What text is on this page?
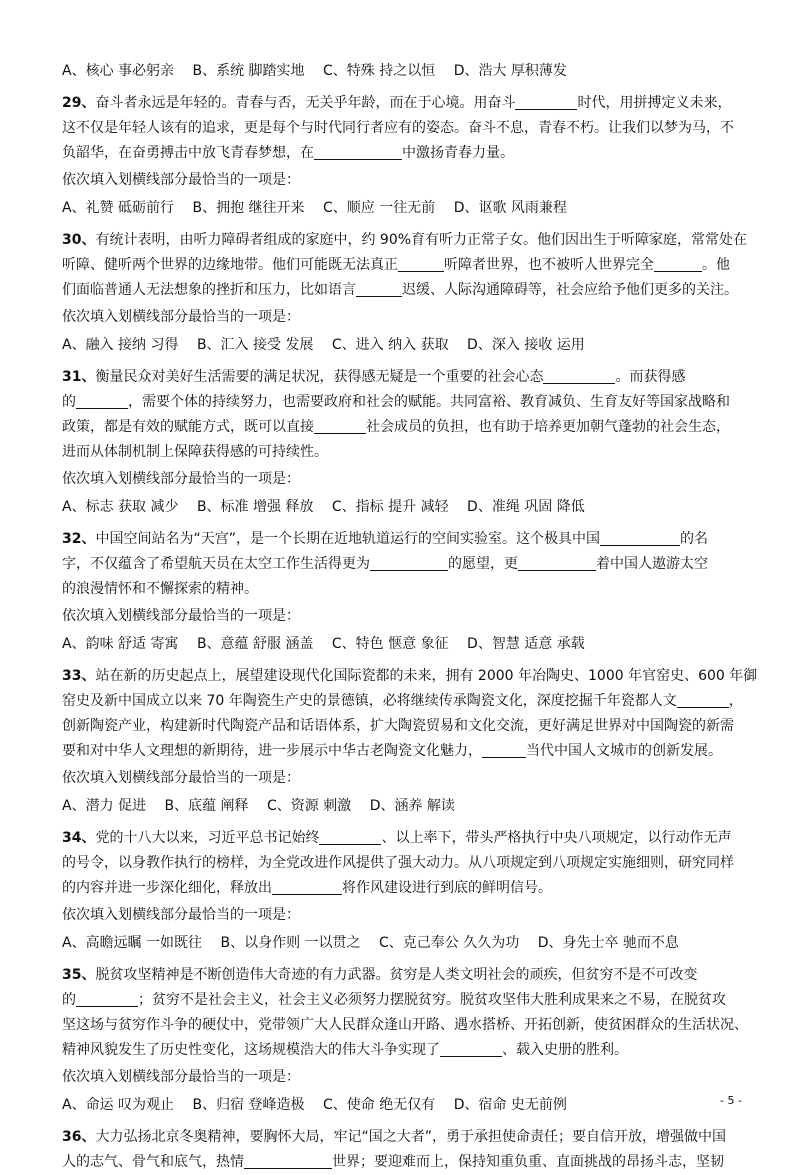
A、核心 事必躬亲 B、系统 脚踏实地 C、特殊 持之以恒 D、浩大 厚积薄发

29、奋斗者永远是年轻的。青春与否，无关乎年龄，而在于心境。用奋斗	时代，用拼搏定义未来，

这不仅是年轻人该有的追求，更是每个与时代同行者应有的姿态。奋斗不息，青春不朽。让我们以梦为马，不

负韶华，在奋勇搏击中放飞青春梦想，在	中激扬青春力量。

依次填入划横线部分最恰当的一项是：

A、礼赞 砥砺前行 B、拥抱 继往开来 C、顺应 一往无前 D、讴歌 风雨兼程

30、有统计表明，由听力障碍者组成的家庭中，约 90%育有听力正常子女。他们因出生于听障家庭，常常处在

听障、健听两个世界的边缘地带。他们可能既无法真正	听障者世界，也不被听人世界完全	。他

们面临普通人无法想象的挫折和压力，比如语言	迟缓、人际沟通障碍等，社会应给予他们更多的关注。

依次填入划横线部分最恰当的一项是：

A、融入 接纳 习得 B、汇入 接受 发展 C、进入 纳入 获取 D、深入 接收 运用

31、衡量民众对美好生活需要的满足状况，获得感无疑是一个重要的社会心态	。而获得感

的	，需要个体的持续努力，也需要政府和社会的赋能。共同富裕、教育减负、生育友好等国家战略和

政策，都是有效的赋能方式，既可以直接	社会成员的负担，也有助于培养更加朝气蓬勃的社会生态，

进而从体制机制上保障获得感的可持续性。

依次填入划横线部分最恰当的一项是：

A、标志 获取 减少 B、标准 增强 释放 C、指标 提升 减轻 D、准绳 巩固 降低

32、中国空间站名为“天宫”，是一个长期在近地轨道运行的空间实验室。这个极具中国	的名

字，不仅蕴含了希望航天员在太空工作生活得更为	的愿望，更	着中国人遨游太空

的浪漫情怀和不懈探索的精神。

依次填入划横线部分最恰当的一项是：

A、韵味 舒适 寄寓 B、意蕴 舒服 涵盖 C、特色 惬意 象征 D、智慧 适意 承载

33、站在新的历史起点上，展望建设现代化国际瓷都的未来，拥有 2000 年冶陶史、1000 年官窑史、600 年御

窑史及新中国成立以来 70 年陶瓷生产史的景德镇，必将继续传承陶瓷文化，深度挖掘千年瓷都人文	，

创新陶瓷产业，构建新时代陶瓷产品和话语体系，扩大陶瓷贸易和文化交流，更好满足世界对中国陶瓷的新需

要和对中华人文理想的新期待，进一步展示中华古老陶瓷文化魅力，	当代中国人文城市的创新发展。

依次填入划横线部分最恰当的一项是：

A、潜力 促进 B、底蕴 阐释 C、资源 刺激 D、涵养 解读

34、党的十八大以来，习近平总书记始终	、以上率下，带头严格执行中央八项规定，以行动作无声

的号令，以身教作执行的榜样，为全党改进作风提供了强大动力。从八项规定到八项规定实施细则，研究同样

的内容并进一步深化细化，释放出	将作风建设进行到底的鲜明信号。

依次填入划横线部分最恰当的一项是：

A、高瞻远瞩 一如既往 B、以身作则 一以贯之 C、克己奉公 久久为功 D、身先士卒 驰而不息

35、脱贫攻坚精神是不断创造伟大奇迹的有力武器。贫穷是人类文明社会的顽疾，但贫穷不是不可改变

的	；贫穷不是社会主义，社会主义必须努力摆脱贫穷。脱贫攻坚伟大胜利成果来之不易，在脱贫攻

坚这场与贫穷作斗争的硬仗中，党带领广大人民群众逢山开路、遇水搭桥、开拓创新，使贫困群众的生活状况、

精神风貌发生了历史性变化，这场规模浩大的伟大斗争实现了	、载入史册的胜利。

依次填入划横线部分最恰当的一项是：

A、命运 叹为观止 B、归宿 登峰造极 C、使命 绝无仅有 D、宿命 史无前例

36、大力弘扬北京冬奥精神，要胸怀大局，牢记“国之大者”，勇于承担使命责任；要自信开放，增强做中国

人的志气、骨气和底气，热情	世界；要迎难而上，保持知重负重、直面挑战的昂扬斗志，坚韧

- 5 -
